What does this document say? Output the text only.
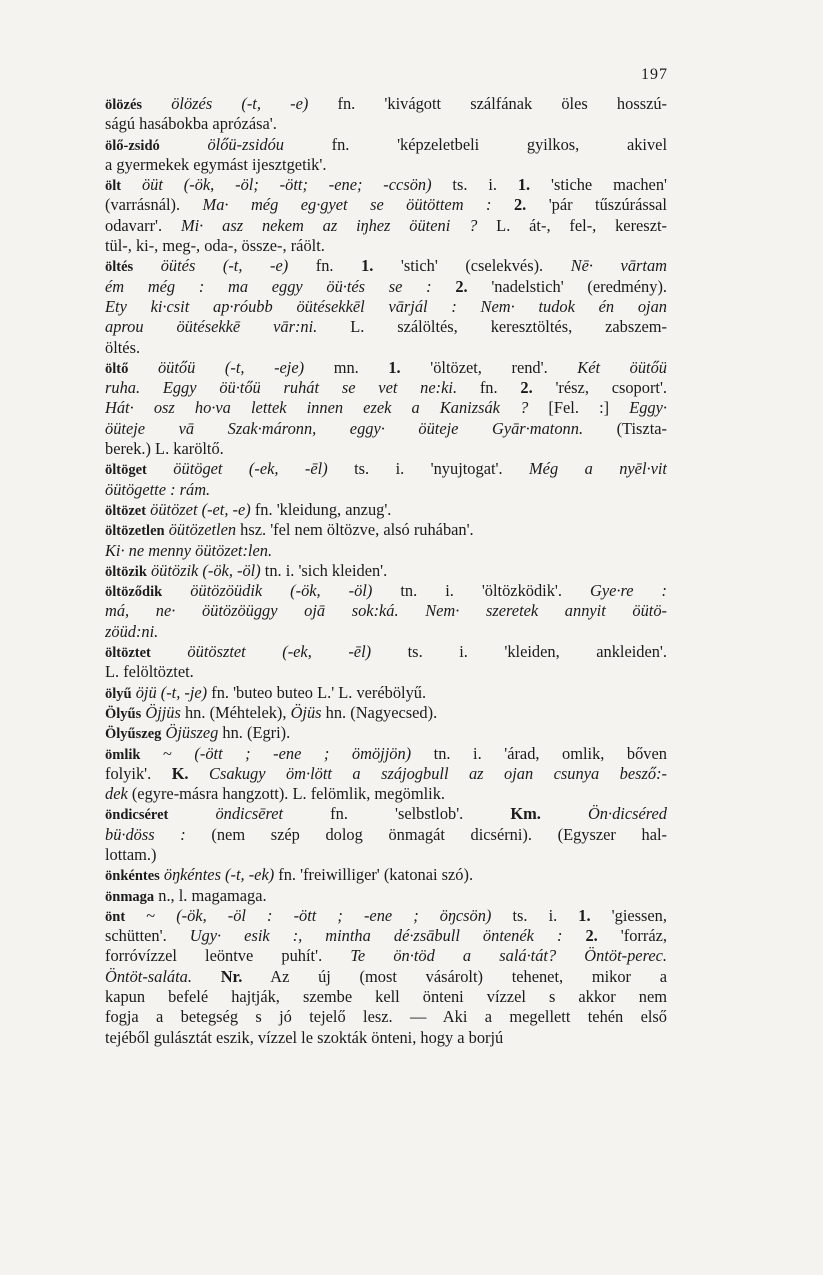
197
ölözés ölözés (-t, -e) fn. 'kivágott szálfának öles hosszú-
ságú hasábokba aprózása'.
ölő-zsidó ölőü-zsidóu fn. 'képzeletbeli gyilkos, akivel
a gyermekek egymást ijesztgetik'.
ölt öüt (-ök, -öl; -ött; -ene; -ccsön) ts. i. 1. 'stiche machen'
(varrásnál). Ma· még eg·gyet se öütöttem : 2. 'pár tűszúrással
odavarr'. Mi· asz nekem az iŋhez öüteni ? L. át-, fel-, kereszt-
tül-, ki-, meg-, oda-, össze-, ráölt.
öltés öütés (-t, -e) fn. 1. 'stich' (cselekvés). Nē· vārtam
ém még : ma eggy öü·tés se : 2. 'nadelstich' (eredmény).
Ety ki·csit ap·róubb öütésekkēl vārjál : Nem· tudok én ojan
aprou öütésekkē vār:ni. L. szálöltés, keresztöltés, zabszem-
öltés.
öltő öütőü (-t, -eje) mn. 1. 'öltözet, rend'. Két öütőü
ruha. Eggy öü·tőü ruhát se vet ne:ki. fn. 2. 'rész, csoport'.
Hát· osz ho·va lettek innen ezek a Kanizsák ? [Fel. :] Eggy·
öüteje vā Szak·máronn, eggy· öüteje Gyār·matonn. (Tiszta-
berek.) L. karöltő.
öltöget öütöget (-ek, -ēl) ts. i. 'nyujtogat'. Még a nyēl·vit
öütögette : rám.
öltözet öütözet (-et, -e) fn. 'kleidung, anzug'.
öltözetlen öütözetlen hsz. 'fel nem öltözve, alsó ruhában'.
Ki· ne menny öütözet:len.
öltözik öütözik (-ök, -öl) tn. i. 'sich kleiden'.
öltöződik öütözöüdik (-ök, -öl) tn. i. 'öltözködik'. Gye·re :
má, ne· öütözöüggy ojā sok:ká. Nem· szeretek annyit öütö-
zöüd:ni.
öltöztet öütösztet (-ek, -ēl) ts. i. 'kleiden, ankleiden'.
L. felöltöztet.
ölyű öjü (-t, -je) fn. 'buteo buteo L.' L. verébölyű.
Ölyűs Öjjüs hn. (Méhtelek), Öjüs hn. (Nagyecsed).
Ölyűszeg Öjüszeg hn. (Egri).
ömlik ~ (-ött ; -ene ; ömöjjön) tn. i. 'árad, omlik, bőven
folyik'. K. Csakugy öm·lött a szájogbull az ojan csunya besző:-
dek (egyre-másra hangzott). L. felömlik, megömlik.
öndicséret öndicsēret fn. 'selbstlob'. Km.	Ön·dicséred
bü·döss : (nem szép dolog önmagát dicsérni). (Egyszer hal-
lottam.)
önkéntes öŋkéntes (-t, -ek) fn. 'freiwilliger' (katonai szó).
önmaga n., l. magamaga.
önt ~ (-ök, -öl : -ött ; -ene ; öŋcsön) ts. i. 1. 'giessen,
schütten'. Ugy· esik :, mintha dé·zsābull öntenék : 2. 'forráz,
forróvízzel leöntve puhít'. Te ön·töd a salá·tát? Öntöt-perec.
Öntöt-saláta. Nr. Az új (most vásárolt) tehenet, mikor a
kapun befelé hajtják, szembe kell önteni vízzel s akkor nem
fogja a betegség s jó tejelő lesz. — Aki a megellett tehén első
tejéből gulásztát eszik, vízzel le szokták önteni, hogy a borjú
